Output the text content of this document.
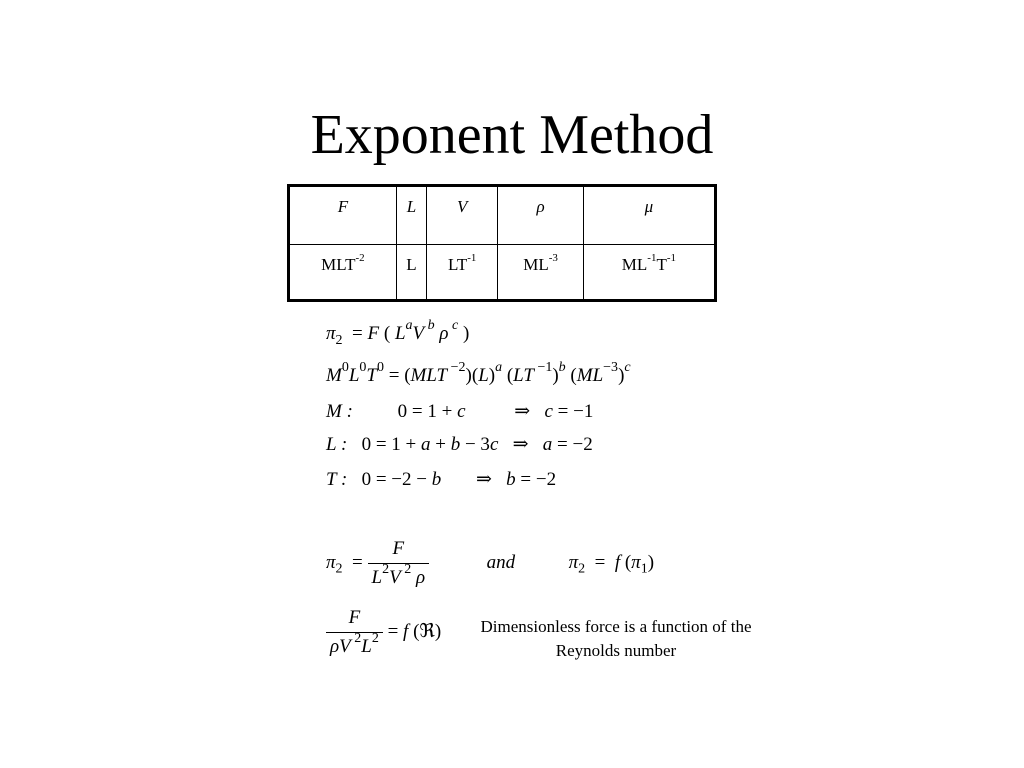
Exponent Method
F	L	V	ρ	μ
$MLT^{-2}$	L	$LT^{-1}$	$ML^{-3}$	$ML^{-1}T^{-1}$
$\pi_2 = F$ ( $L^aV$ $^b$ ρ $^c$ )
$M^0L^0T^0 = (MLT$ $^{-2})(L)^a$ (LT $^{-1}$)$^b$ $(ML^{-3})^c$
M : 0 = 1 + c	⇒   c = −1
L :   0 = 1 + a + b − 3c   ⇒   a = −2
T :   0 = −2 − b ⇒   b = −2
$\pi_2 = \frac{F}{L^2V ^2 \rho}$	and	$\pi_2 = f$ $(\pi_1)$
$\frac{F}{\rho V ^2L^2} = f$ (ℜ) Dimensionless force is a function of the Reynolds number
